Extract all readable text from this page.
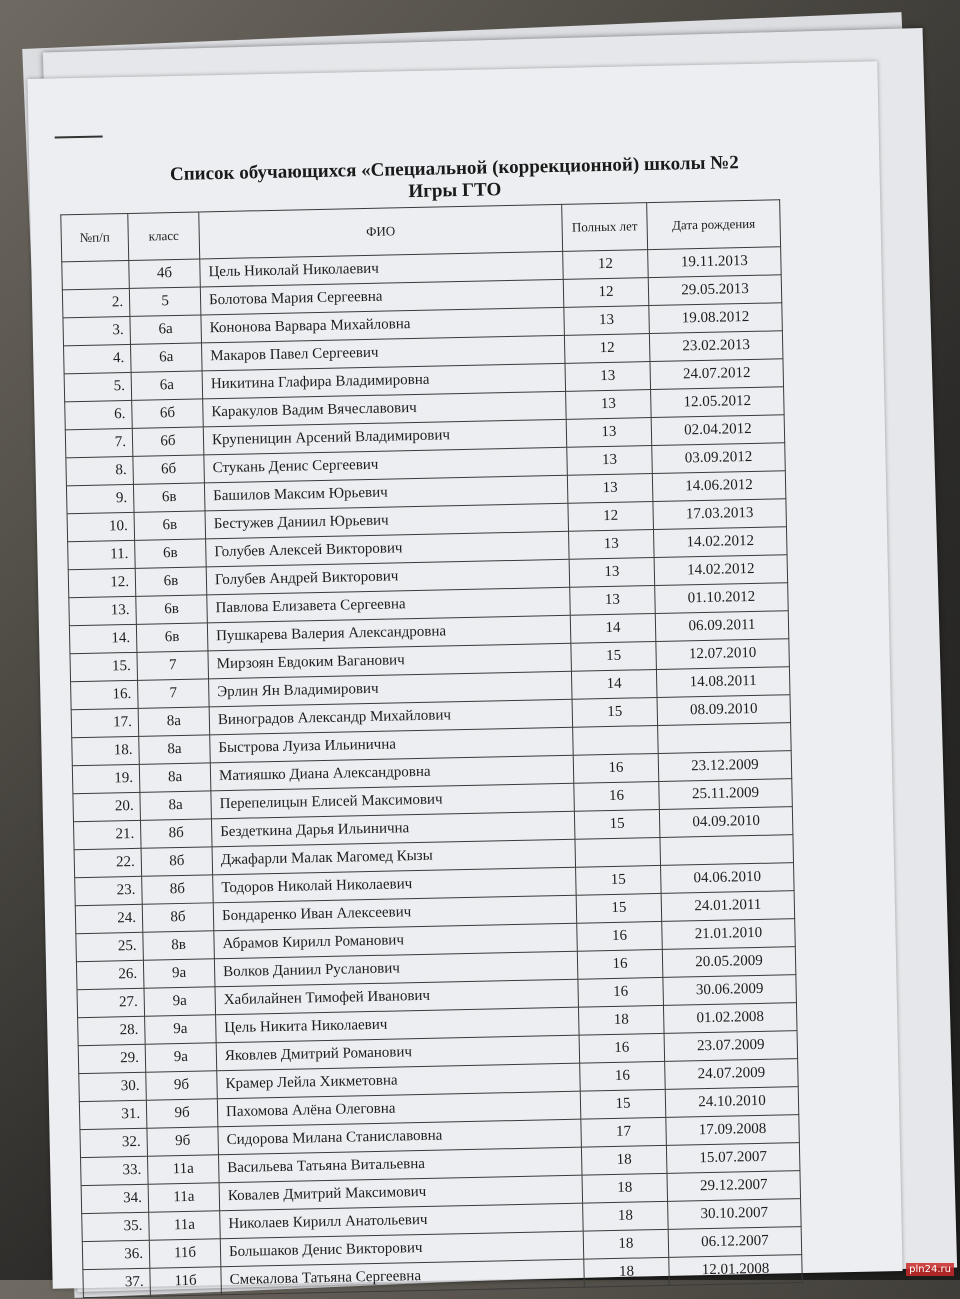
Список обучающихся «Специальной (коррекционной) школы №2
Игры ГТО
№п/п	класс	ФИО	Полных лет	Дата рождения
	4б	Цель Николай Николаевич	12	19.11.2013
2.	5	Болотова Мария Сергеевна	12	29.05.2013
3.	6а	Кононова Варвара Михайловна	13	19.08.2012
4.	6а	Макаров Павел Сергеевич	12	23.02.2013
5.	6а	Никитина Глафира Владимировна	13	24.07.2012
6.	6б	Каракулов Вадим Вячеславович	13	12.05.2012
7.	6б	Крупеницин Арсений Владимирович	13	02.04.2012
8.	6б	Стукань Денис Сергеевич	13	03.09.2012
9.	6в	Башилов Максим Юрьевич	13	14.06.2012
10.	6в	Бестужев Даниил Юрьевич	12	17.03.2013
11.	6в	Голубев Алексей Викторович	13	14.02.2012
12.	6в	Голубев Андрей Викторович	13	14.02.2012
13.	6в	Павлова Елизавета Сергеевна	13	01.10.2012
14.	6в	Пушкарева Валерия Александровна	14	06.09.2011
15.	7	Мирзоян Евдоким Ваганович	15	12.07.2010
16.	7	Эрлин Ян Владимирович	14	14.08.2011
17.	8а	Виноградов Александр Михайлович	15	08.09.2010
18.	8а	Быстрова Луиза Ильинична		
19.	8а	Матияшко Диана Александровна	16	23.12.2009
20.	8а	Перепелицын Елисей Максимович	16	25.11.2009
21.	8б	Бездеткина Дарья Ильинична	15	04.09.2010
22.	8б	Джафарли Малак Магомед Кызы		
23.	8б	Тодоров Николай Николаевич	15	04.06.2010
24.	8б	Бондаренко Иван Алексеевич	15	24.01.2011
25.	8в	Абрамов Кирилл Романович	16	21.01.2010
26.	9а	Волков Даниил Русланович	16	20.05.2009
27.	9а	Хабилайнен Тимофей Иванович	16	30.06.2009
28.	9а	Цель Никита Николаевич	18	01.02.2008
29.	9а	Яковлев Дмитрий Романович	16	23.07.2009
30.	9б	Крамер Лейла Хикметовна	16	24.07.2009
31.	9б	Пахомова Алёна Олеговна	15	24.10.2010
32.	9б	Сидорова Милана Станиславовна	17	17.09.2008
33.	11а	Васильева Татьяна Витальевна	18	15.07.2007
34.	11а	Ковалев Дмитрий Максимович	18	29.12.2007
35.	11а	Николаев Кирилл Анатольевич	18	30.10.2007
36.	11б	Большаков Денис Викторович	18	06.12.2007
37.	11б	Смекалова Татьяна Сергеевна	18	12.01.2008	pln24.ru
